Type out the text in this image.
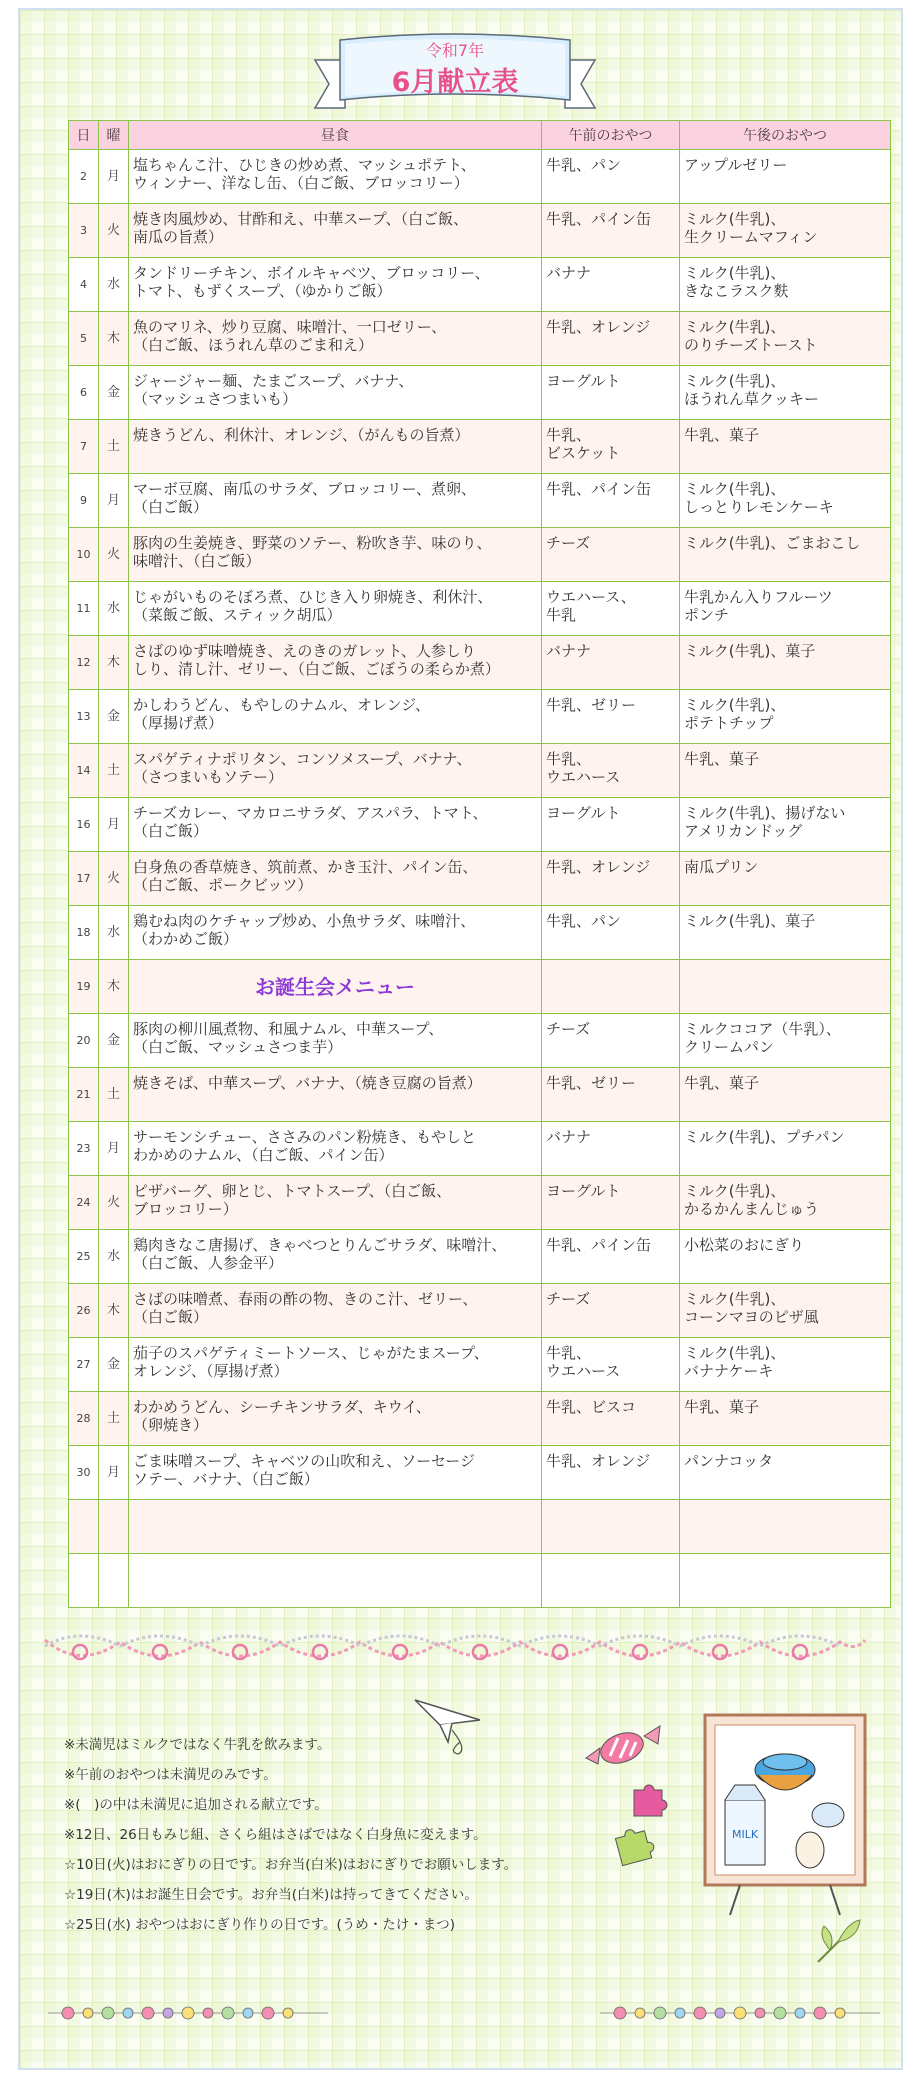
令和7年
6月献立表
日	曜	昼食	午前のおやつ	午後のおやつ
2	月	塩ちゃんこ汁、ひじきの炒め煮、マッシュポテト、
ウィンナー、洋なし缶、（白ご飯、ブロッコリー）	牛乳、パン	アップルゼリー

3	火	焼き肉風炒め、甘酢和え、中華スープ、（白ご飯、
南瓜の旨煮）	牛乳、パイン缶	ミルク(牛乳)、
生クリームマフィン

4	水	タンドリーチキン、ボイルキャベツ、ブロッコリー、
トマト、もずくスープ、（ゆかりご飯）	バナナ	ミルク(牛乳)、
きなこラスク麩

5	木	魚のマリネ、炒り豆腐、味噌汁、一口ゼリー、
（白ご飯、ほうれん草のごま和え）	牛乳、オレンジ	ミルク(牛乳)、
のりチーズトースト

6	金	ジャージャー麺、たまごスープ、バナナ、
（マッシュさつまいも）	ヨーグルト	ミルク(牛乳)、
ほうれん草クッキー

7	土	焼きうどん、利休汁、オレンジ、（がんもの旨煮）	牛乳、
ビスケット	牛乳、菓子

9	月	マーボ豆腐、南瓜のサラダ、ブロッコリー、煮卵、
（白ご飯）	牛乳、パイン缶	ミルク(牛乳)、
しっとりレモンケーキ

10	火	豚肉の生姜焼き、野菜のソテー、粉吹き芋、味のり、
味噌汁、（白ご飯）	チーズ	ミルク(牛乳)、ごまおこし

11	水	じゃがいものそぼろ煮、ひじき入り卵焼き、利休汁、
（菜飯ご飯、スティック胡瓜）	ウエハース、
牛乳	牛乳かん入りフルーツ
ポンチ

12	木	さばのゆず味噌焼き、えのきのガレット、人参しり
しり、清し汁、ゼリー、（白ご飯、ごぼうの柔らか煮）	バナナ	ミルク(牛乳)、菓子

13	金	かしわうどん、もやしのナムル、オレンジ、
（厚揚げ煮）	牛乳、ゼリー	ミルク(牛乳)、
ポテトチップ

14	土	スパゲティナポリタン、コンソメスープ、バナナ、
（さつまいもソテー）	牛乳、
ウエハース	牛乳、菓子

16	月	チーズカレー、マカロニサラダ、アスパラ、トマト、
（白ご飯）	ヨーグルト	ミルク(牛乳)、揚げない
アメリカンドッグ

17	火	白身魚の香草焼き、筑前煮、かき玉汁、パイン缶、
（白ご飯、ポークビッツ）	牛乳、オレンジ	南瓜プリン

18	水	鶏むね肉のケチャップ炒め、小魚サラダ、味噌汁、
（わかめご飯）	牛乳、パン	ミルク(牛乳)、菓子

19	木	お誕生会メニュー		
20	金	豚肉の柳川風煮物、和風ナムル、中華スープ、
（白ご飯、マッシュさつま芋）	チーズ	ミルクココア（牛乳）、
クリームパン

21	土	焼きそば、中華スープ、バナナ、（焼き豆腐の旨煮）	牛乳、ゼリー	牛乳、菓子

23	月	サーモンシチュー、ささみのパン粉焼き、もやしと
わかめのナムル、（白ご飯、パイン缶）	バナナ	ミルク(牛乳)、プチパン

24	火	ピザバーグ、卵とじ、トマトスープ、（白ご飯、
ブロッコリー）	ヨーグルト	ミルク(牛乳)、
かるかんまんじゅう

25	水	鶏肉きなこ唐揚げ、きゃべつとりんごサラダ、味噌汁、
（白ご飯、人参金平）	牛乳、パイン缶	小松菜のおにぎり

26	木	さばの味噌煮、春雨の酢の物、きのこ汁、ゼリー、
（白ご飯）	チーズ	ミルク(牛乳)、
コーンマヨのピザ風

27	金	茄子のスパゲティミートソース、じゃがたまスープ、
オレンジ、（厚揚げ煮）	牛乳、
ウエハース	ミルク(牛乳)、
バナナケーキ

28	土	わかめうどん、シーチキンサラダ、キウイ、
（卵焼き）	牛乳、ビスコ	牛乳、菓子

30	月	ごま味噌スープ、キャベツの山吹和え、ソーセージ
ソテー、バナナ、（白ご飯）	牛乳、オレンジ	パンナコッタ

MILK
※未満児はミルクではなく牛乳を飲みます。
※午前のおやつは未満児のみです。
※(　)の中は未満児に追加される献立です。
※12日、26日もみじ組、さくら組はさばではなく白身魚に変えます。
☆10日(火)はおにぎりの日です。お弁当(白米)はおにぎりでお願いします。
☆19日(木)はお誕生日会です。お弁当(白米)は持ってきてください。
☆25日(水) おやつはおにぎり作りの日です。(うめ・たけ・まつ)
